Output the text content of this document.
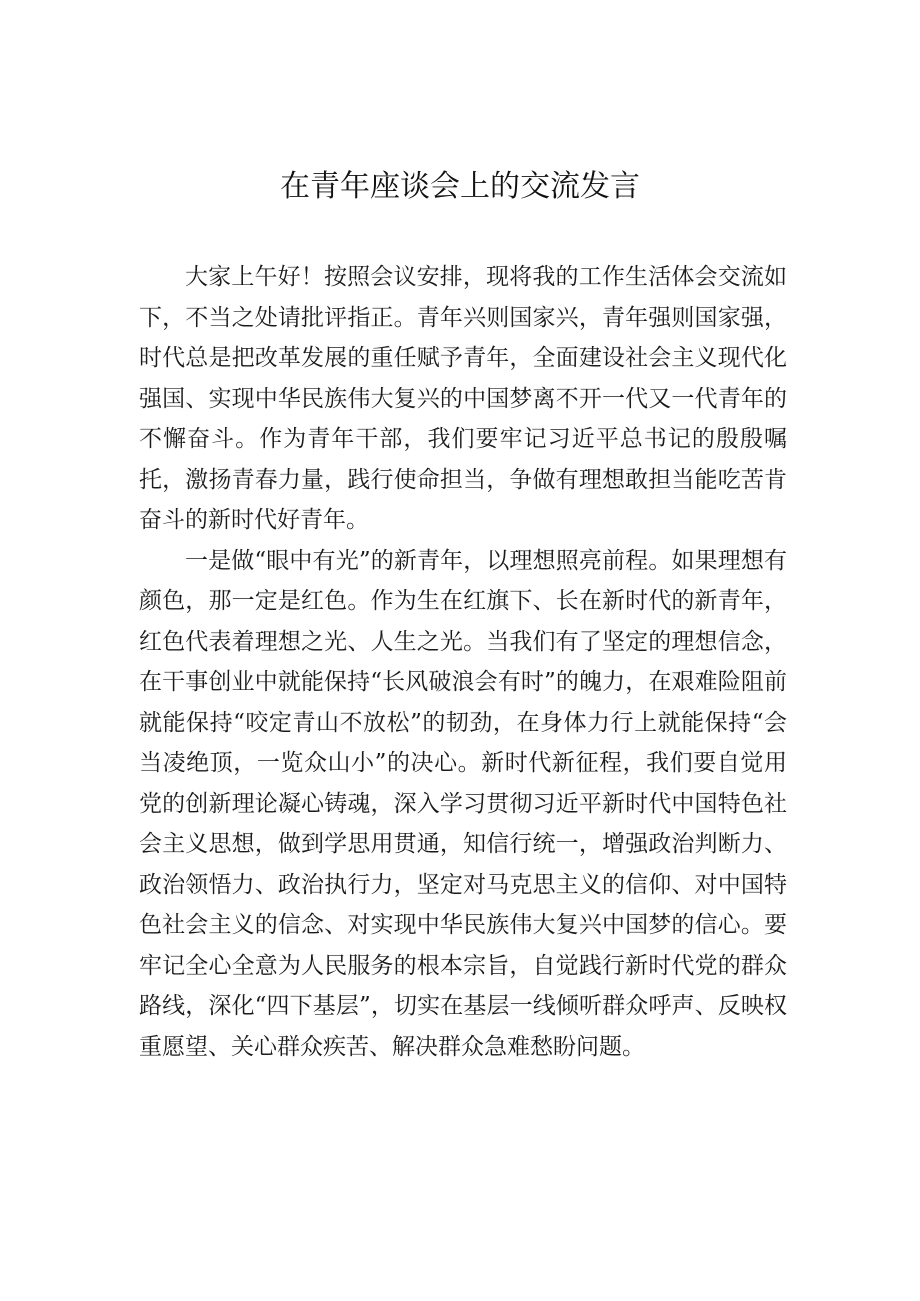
在青年座谈会上的交流发言

大家上午好！按照会议安排，现将我的工作生活体会交流如下，不当之处请批评指正。青年兴则国家兴，青年强则国家强，时代总是把改革发展的重任赋予青年，全面建设社会主义现代化强国、实现中华民族伟大复兴的中国梦离不开一代又一代青年的不懈奋斗。作为青年干部，我们要牢记习近平总书记的殷殷嘱托，激扬青春力量，践行使命担当，争做有理想敢担当能吃苦肯奋斗的新时代好青年。

一是做“眼中有光”的新青年，以理想照亮前程。如果理想有颜色，那一定是红色。作为生在红旗下、长在新时代的新青年，红色代表着理想之光、人生之光。当我们有了坚定的理想信念，在干事创业中就能保持“长风破浪会有时”的魄力，在艰难险阻前就能保持“咬定青山不放松”的韧劲，在身体力行上就能保持“会当凌绝顶，一览众山小”的决心。新时代新征程，我们要自觉用党的创新理论凝心铸魂，深入学习贯彻习近平新时代中国特色社会主义思想，做到学思用贯通，知信行统一，增强政治判断力、政治领悟力、政治执行力，坚定对马克思主义的信仰、对中国特色社会主义的信念、对实现中华民族伟大复兴中国梦的信心。要牢记全心全意为人民服务的根本宗旨，自觉践行新时代党的群众路线，深化“四下基层”，切实在基层一线倾听群众呼声、反映权重愿望、关心群众疾苦、解决群众急难愁盼问题。
